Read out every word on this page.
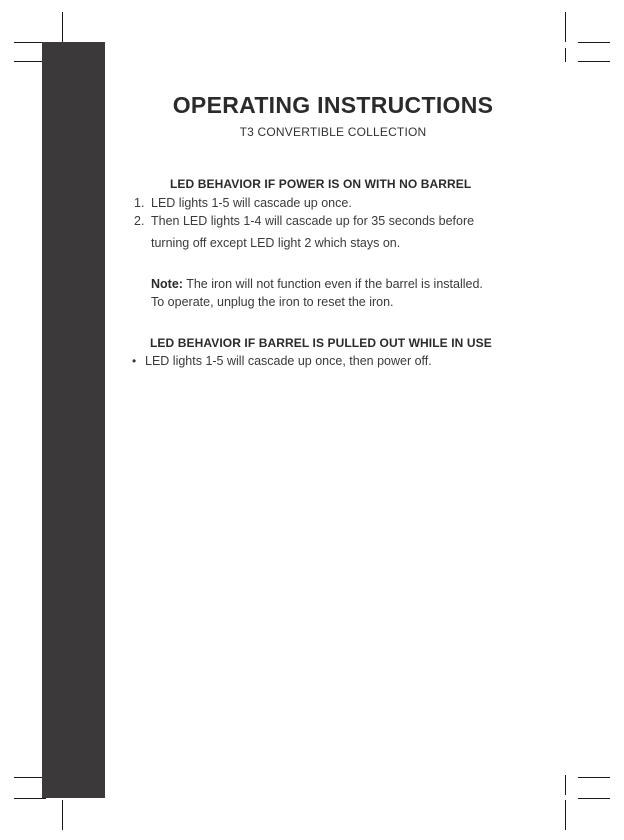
OPERATING INSTRUCTIONS
T3 CONVERTIBLE COLLECTION
LED BEHAVIOR IF POWER IS ON WITH NO BARREL
1. LED lights 1-5 will cascade up once.
2. Then LED lights 1-4 will cascade up for 35 seconds before
turning off except LED light 2 which stays on.
Note: The iron will not function even if the barrel is installed.
To operate, unplug the iron to reset the iron.
LED BEHAVIOR IF BARREL IS PULLED OUT WHILE IN USE
• LED lights 1-5 will cascade up once, then power off.
